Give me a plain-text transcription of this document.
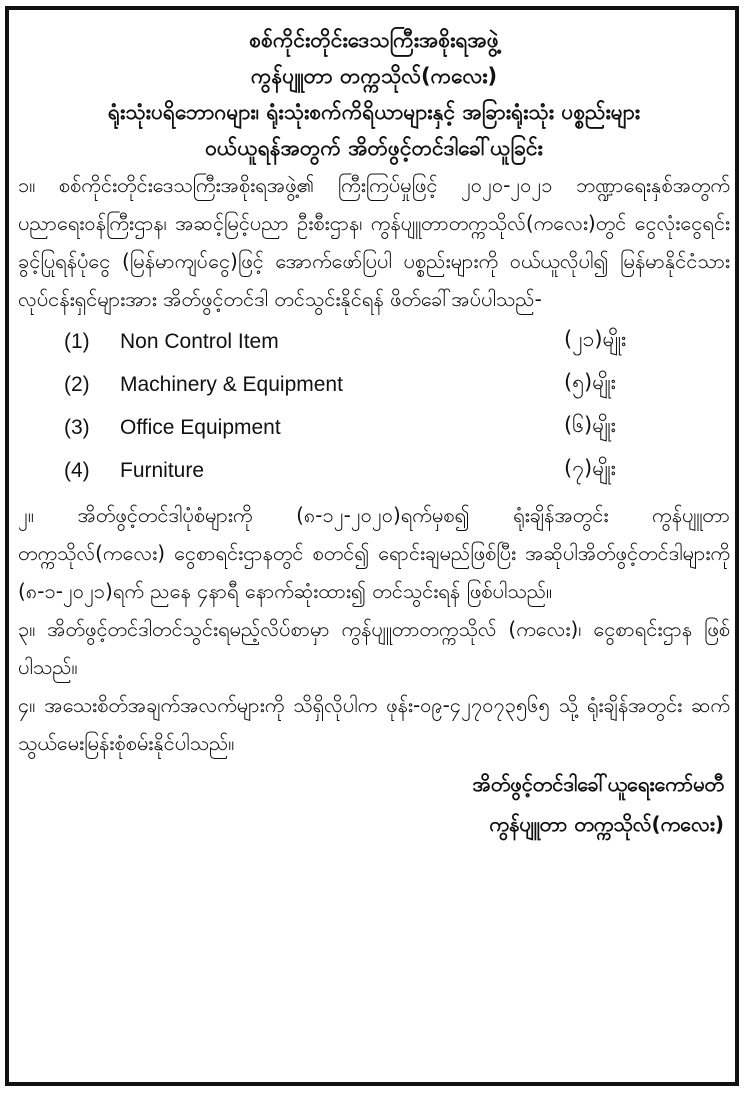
စစ်ကိုင်းတိုင်းဒေသကြီးအစိုးရအဖွဲ့
ကွန်ပျူတာ တက္ကသိုလ်(ကလေး)
ရုံးသုံးပရိဘောဂများ၊ ရုံးသုံးစက်ကိရိယာများနှင့် အခြားရုံးသုံး ပစ္စည်းများ
ဝယ်ယူရန်အတွက် အိတ်ဖွင့်တင်ဒါခေါ်ယူခြင်း

၁။ စစ်ကိုင်းတိုင်းဒေသကြီးအစိုးရအဖွဲ့၏ ကြီးကြပ်မှုဖြင့် ၂၀၂၀-၂၀၂၁ ဘဏ္ဍာရေးနှစ်အတွက် ပညာရေးဝန်ကြီးဌာန၊ အဆင့်မြင့်ပညာ ဦးစီးဌာန၊ ကွန်ပျူတာတက္ကသိုလ်(ကလေး)တွင် ငွေလုံးငွေရင်း ခွင့်ပြုရန်ပုံငွေ (မြန်မာကျပ်ငွေ)ဖြင့် အောက်ဖော်ပြပါ ပစ္စည်းများကို ဝယ်ယူလိုပါ၍ မြန်မာနိုင်ငံသားလုပ်ငန်းရှင်များအား အိတ်ဖွင့်တင်ဒါ တင်သွင်းနိုင်ရန် ဖိတ်ခေါ်အပ်ပါသည်-

(1)	Non Control Item	(၂၁)မျိုး
(2)	Machinery & Equipment	(၅)မျိုး
(3)	Office Equipment	(၆)မျိုး
(4)	Furniture	(၇)မျိုး

၂။ အိတ်ဖွင့်တင်ဒါပုံစံများကို (၈-၁၂-၂၀၂၀)ရက်မှစ၍ ရုံးချိန်အတွင်း ကွန်ပျူတာ တက္ကသိုလ်(ကလေး) ငွေစာရင်းဌာနတွင် စတင်၍ ရောင်းချမည်ဖြစ်ပြီး အဆိုပါအိတ်ဖွင့်တင်ဒါများကို (၈-၁-၂၀၂၁)ရက် ညနေ ၄နာရီ နောက်ဆုံးထား၍ တင်သွင်းရန် ဖြစ်ပါသည်။

၃။ အိတ်ဖွင့်တင်ဒါတင်သွင်းရမည့်လိပ်စာမှာ ကွန်ပျူတာတက္ကသိုလ် (ကလေး)၊ ငွေစာရင်းဌာန ဖြစ်ပါသည်။

၄။ အသေးစိတ်အချက်အလက်များကို သိရှိလိုပါက ဖုန်း-၀၉-၄၂၇၀၇၃၅၆၅ သို့ ရုံးချိန်အတွင်း ဆက်သွယ်မေးမြန်းစုံစမ်းနိုင်ပါသည်။

အိတ်ဖွင့်တင်ဒါခေါ်ယူရေးကော်မတီ
ကွန်ပျူတာ တက္ကသိုလ်(ကလေး)
